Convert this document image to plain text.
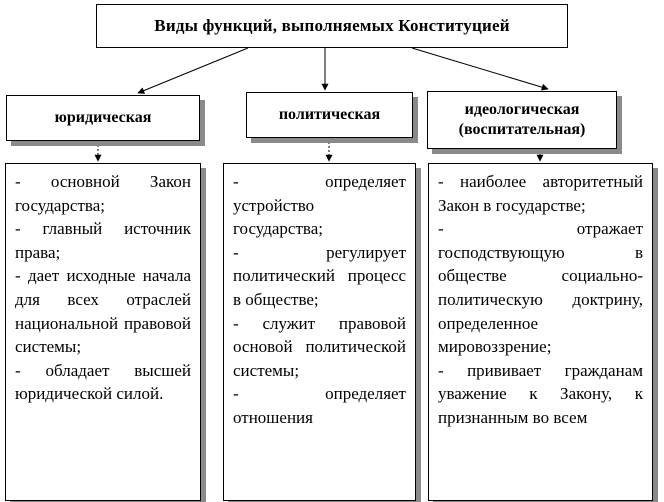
Виды функций, выполняемых Конституцией
юридическая	политическая	идеологическая
(воспитательная)

- основной Закон государства;

- главный источник права;

- дает исходные начала для всех отраслей национальной правовой системы;

- обладает высшей юридической силой.

- определяет устройство государства;

- регулирует политический процесс в обществе;

- служит правовой основой политической системы;

- определяет отношения

- наиболее авторитетный Закон в государстве;

- отражает господствующую в обществе социально-политическую доктрину, определенное мировоззрение;

- прививает гражданам уважение к Закону, к признанным во всем
